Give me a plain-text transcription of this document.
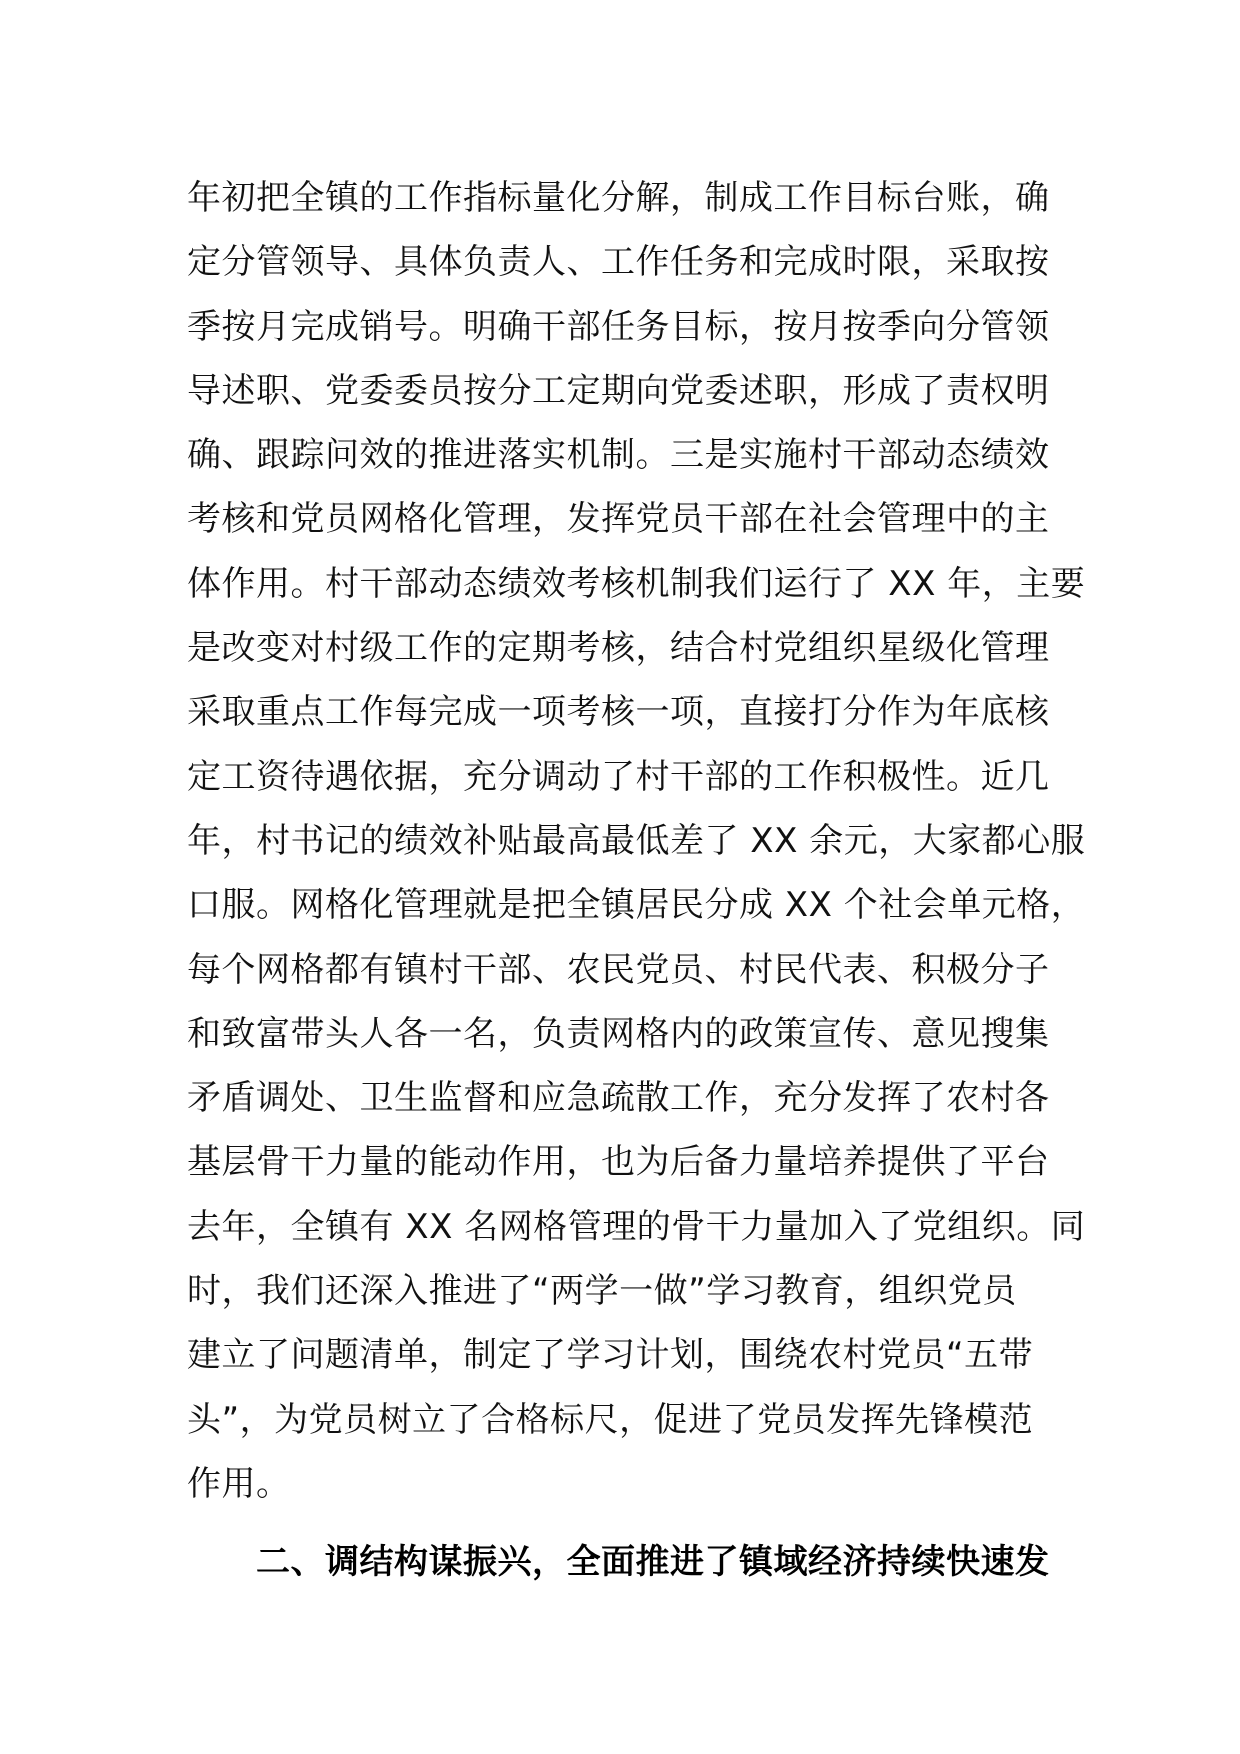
年初把全镇的工作指标量化分解，制成工作目标台账，确
定分管领导、具体负责人、工作任务和完成时限，采取按
季按月完成销号。明确干部任务目标，按月按季向分管领
导述职、党委委员按分工定期向党委述职，形成了责权明
确、跟踪问效的推进落实机制。三是实施村干部动态绩效
考核和党员网格化管理，发挥党员干部在社会管理中的主
体作用。村干部动态绩效考核机制我们运行了 XX 年，主要
是改变对村级工作的定期考核，结合村党组织星级化管理
采取重点工作每完成一项考核一项，直接打分作为年底核
定工资待遇依据，充分调动了村干部的工作积极性。近几
年，村书记的绩效补贴最高最低差了 XX 余元，大家都心服
口服。网格化管理就是把全镇居民分成 XX 个社会单元格，
每个网格都有镇村干部、农民党员、村民代表、积极分子
和致富带头人各一名，负责网格内的政策宣传、意见搜集
矛盾调处、卫生监督和应急疏散工作，充分发挥了农村各
基层骨干力量的能动作用，也为后备力量培养提供了平台
去年，全镇有 XX 名网格管理的骨干力量加入了党组织。同
时，我们还深入推进了“两学一做”学习教育，组织党员
建立了问题清单，制定了学习计划，围绕农村党员“五带
头”，为党员树立了合格标尺，促进了党员发挥先锋模范
作用。
二、调结构谋振兴，全面推进了镇域经济持续快速发
